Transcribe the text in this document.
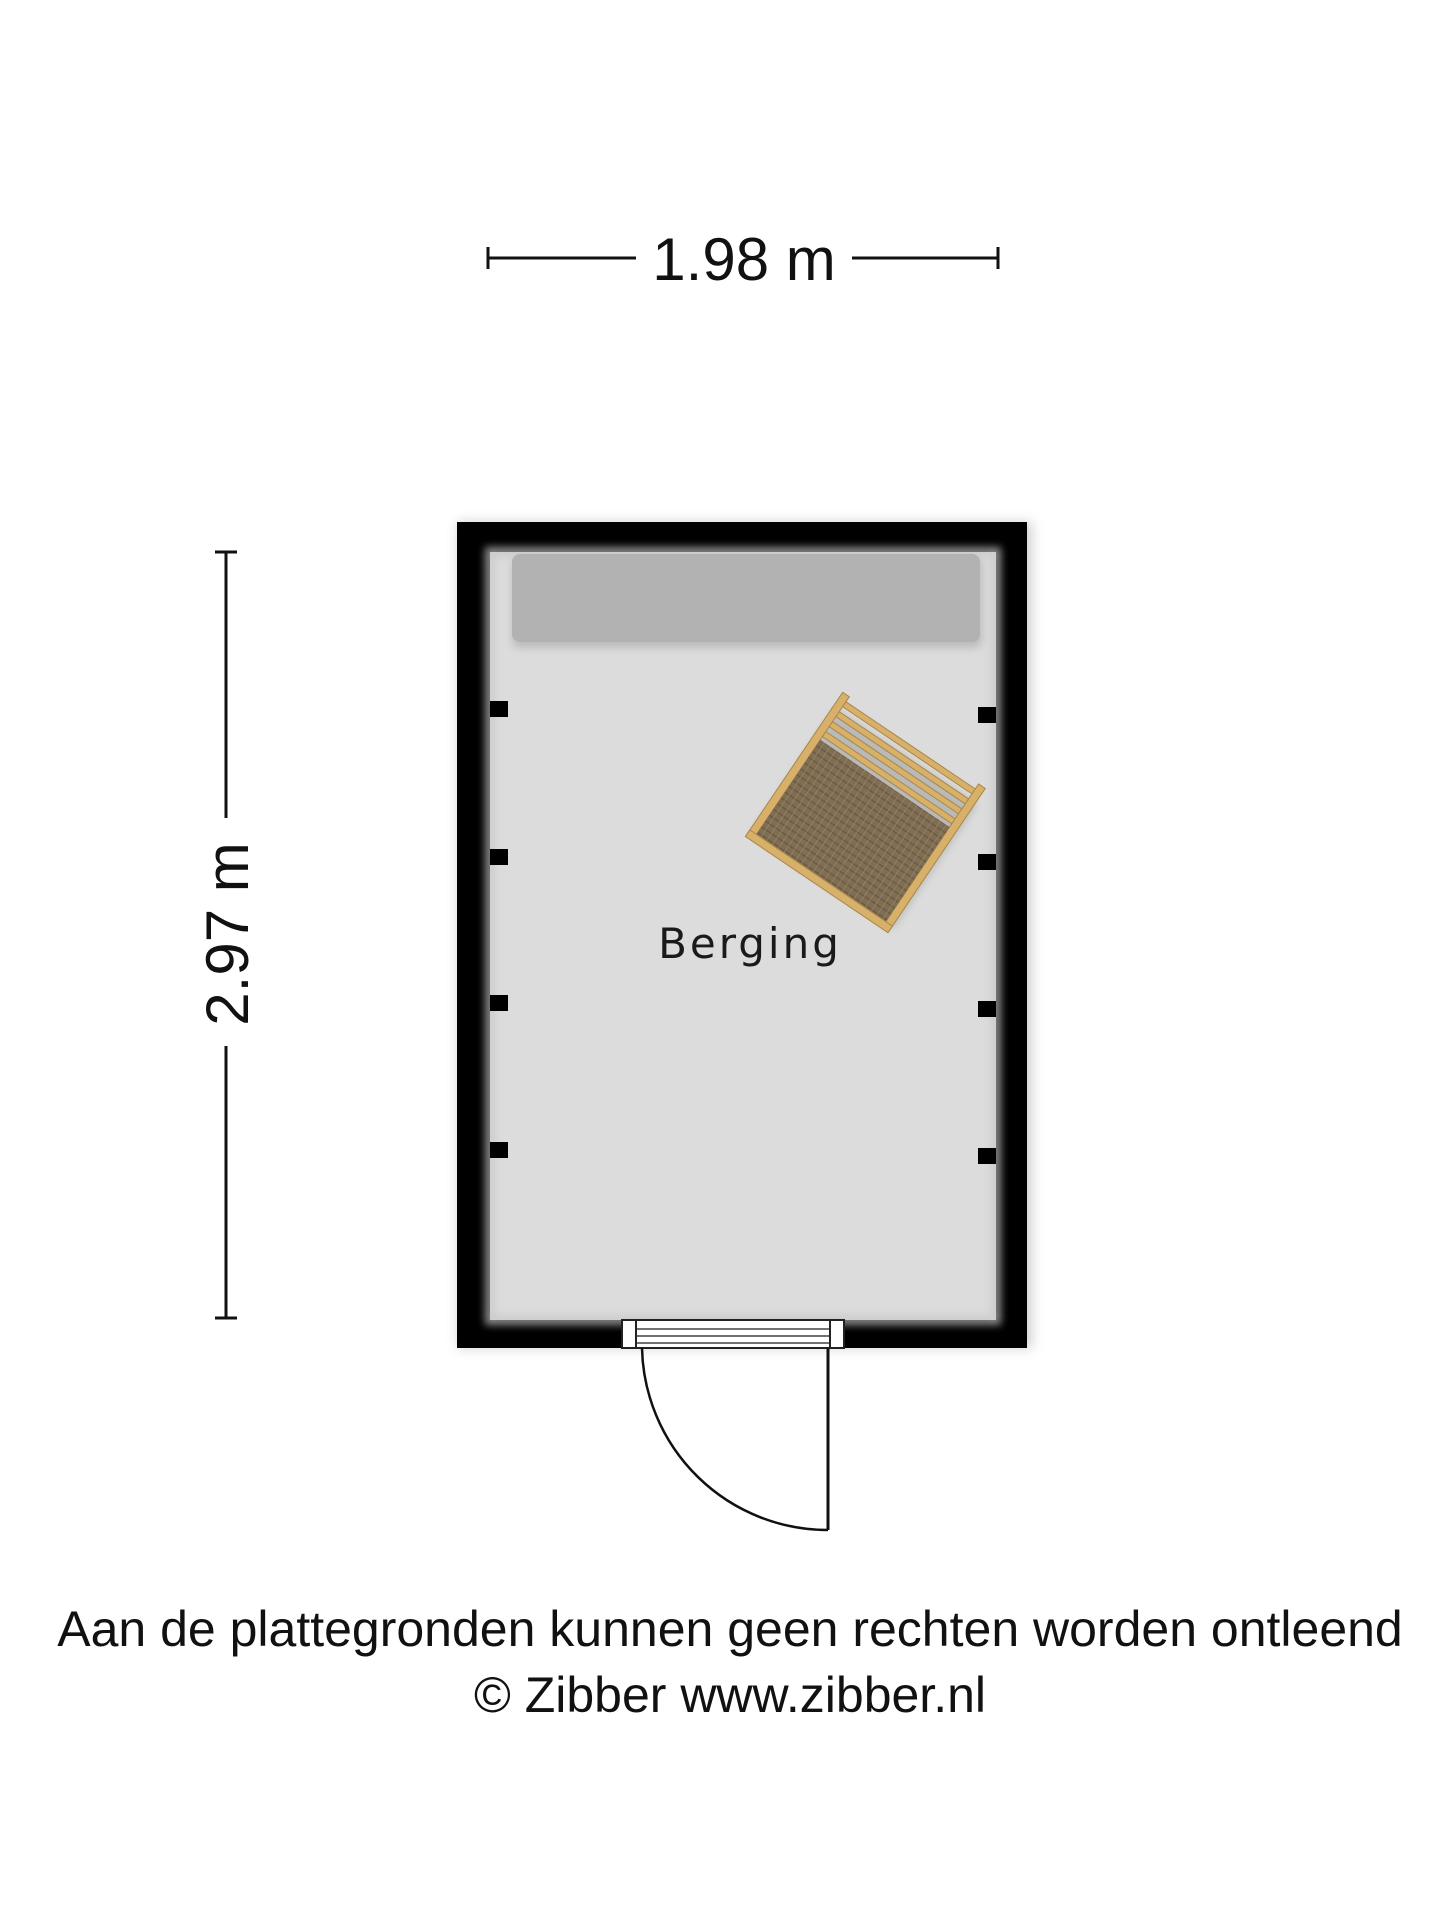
1.98 m
2.97 m	Berging
Aan de plattegronden kunnen geen rechten worden ontleend
© Zibber www.zibber.nl
